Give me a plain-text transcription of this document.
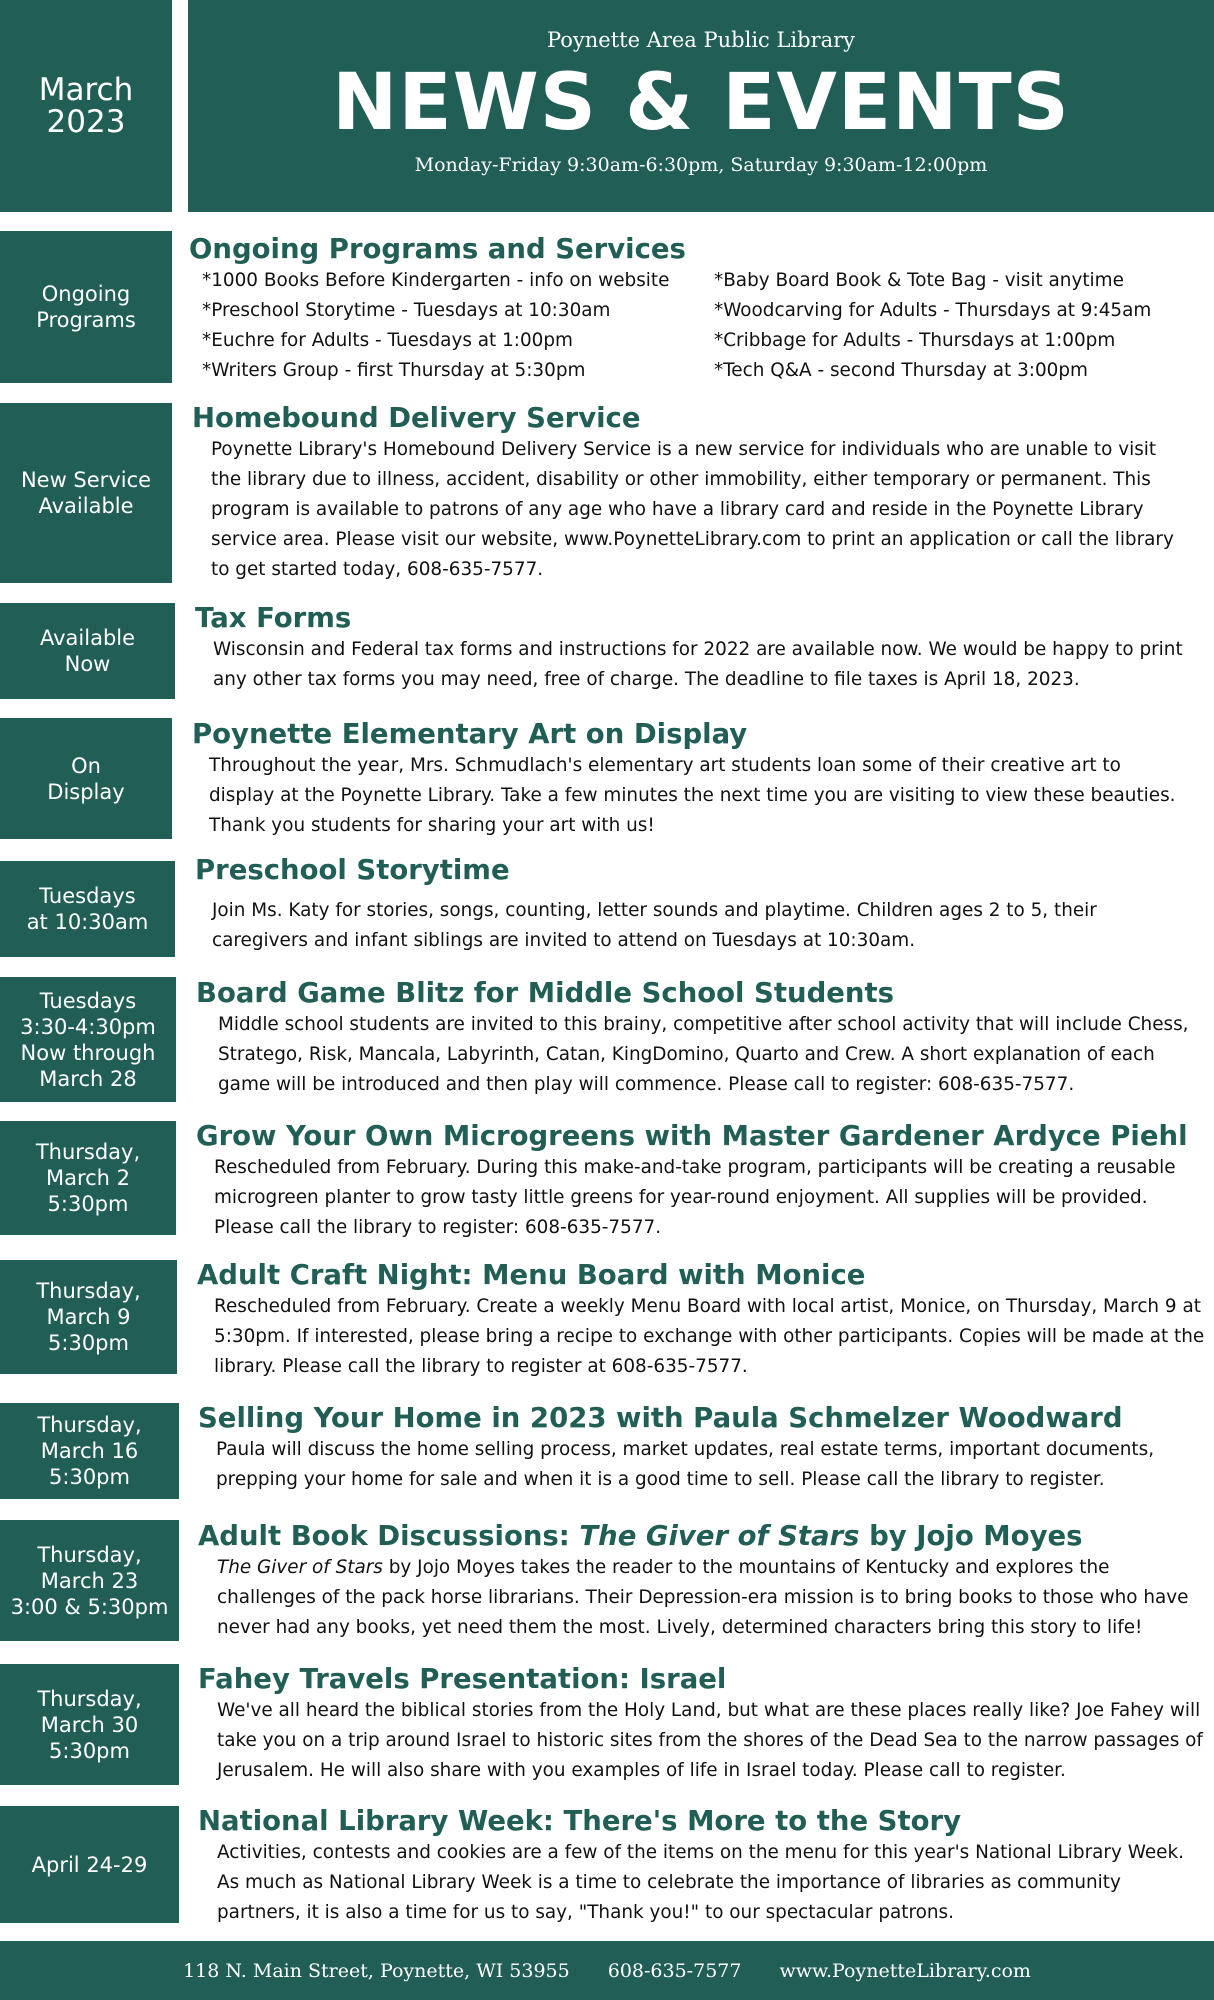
March
2023
Poynette Area Public Library
NEWS & EVENTS
Monday-Friday 9:30am-6:30pm, Saturday 9:30am-12:00pm
Ongoing
Programs
Ongoing Programs and Services
*1000 Books Before Kindergarten - info on website
*Preschool Storytime - Tuesdays at 10:30am
*Euchre for Adults - Tuesdays at 1:00pm
*Writers Group - first Thursday at 5:30pm
*Baby Board Book & Tote Bag - visit anytime
*Woodcarving for Adults - Thursdays at 9:45am
*Cribbage for Adults - Thursdays at 1:00pm
*Tech Q&A - second Thursday at 3:00pm
New Service
Available
Homebound Delivery Service
Poynette Library's Homebound Delivery Service is a new service for individuals who are unable to visit the library due to illness, accident, disability or other immobility, either temporary or permanent. This program is available to patrons of any age who have a library card and reside in the Poynette Library service area. Please visit our website, www.PoynetteLibrary.com to print an application or call the library to get started today, 608-635-7577.
Available
Now
Tax Forms
Wisconsin and Federal tax forms and instructions for 2022 are available now. We would be happy to print any other tax forms you may need, free of charge. The deadline to file taxes is April 18, 2023.
On
Display
Poynette Elementary Art on Display
Throughout the year, Mrs. Schmudlach's elementary art students loan some of their creative art to display at the Poynette Library. Take a few minutes the next time you are visiting to view these beauties. Thank you students for sharing your art with us!
Tuesdays
at 10:30am
Preschool Storytime
Join Ms. Katy for stories, songs, counting, letter sounds and playtime. Children ages 2 to 5, their caregivers and infant siblings are invited to attend on Tuesdays at 10:30am.
Tuesdays
3:30-4:30pm
Now through
March 28
Board Game Blitz for Middle School Students
Middle school students are invited to this brainy, competitive after school activity that will include Chess, Stratego, Risk, Mancala, Labyrinth, Catan, KingDomino, Quarto and Crew. A short explanation of each game will be introduced and then play will commence. Please call to register: 608-635-7577.
Thursday,
March 2
5:30pm
Grow Your Own Microgreens with Master Gardener Ardyce Piehl
Rescheduled from February. During this make-and-take program, participants will be creating a reusable microgreen planter to grow tasty little greens for year-round enjoyment. All supplies will be provided. Please call the library to register: 608-635-7577.
Thursday,
March 9
5:30pm
Adult Craft Night: Menu Board with Monice
Rescheduled from February. Create a weekly Menu Board with local artist, Monice, on Thursday, March 9 at 5:30pm. If interested, please bring a recipe to exchange with other participants. Copies will be made at the library. Please call the library to register at 608-635-7577.
Thursday,
March 16
5:30pm
Selling Your Home in 2023 with Paula Schmelzer Woodward
Paula will discuss the home selling process, market updates, real estate terms, important documents, prepping your home for sale and when it is a good time to sell. Please call the library to register.
Thursday,
March 23
3:00 & 5:30pm
Adult Book Discussions: The Giver of Stars by Jojo Moyes
The Giver of Stars by Jojo Moyes takes the reader to the mountains of Kentucky and explores the challenges of the pack horse librarians. Their Depression-era mission is to bring books to those who have never had any books, yet need them the most. Lively, determined characters bring this story to life!
Thursday,
March 30
5:30pm
Fahey Travels Presentation: Israel
We've all heard the biblical stories from the Holy Land, but what are these places really like? Joe Fahey will take you on a trip around Israel to historic sites from the shores of the Dead Sea to the narrow passages of Jerusalem. He will also share with you examples of life in Israel today. Please call to register.
April 24-29
National Library Week: There's More to the Story
Activities, contests and cookies are a few of the items on the menu for this year's National Library Week. As much as National Library Week is a time to celebrate the importance of libraries as community partners, it is also a time for us to say, "Thank you!" to our spectacular patrons.
118 N. Main Street, Poynette, WI 53955 608-635-7577 www.PoynetteLibrary.com
